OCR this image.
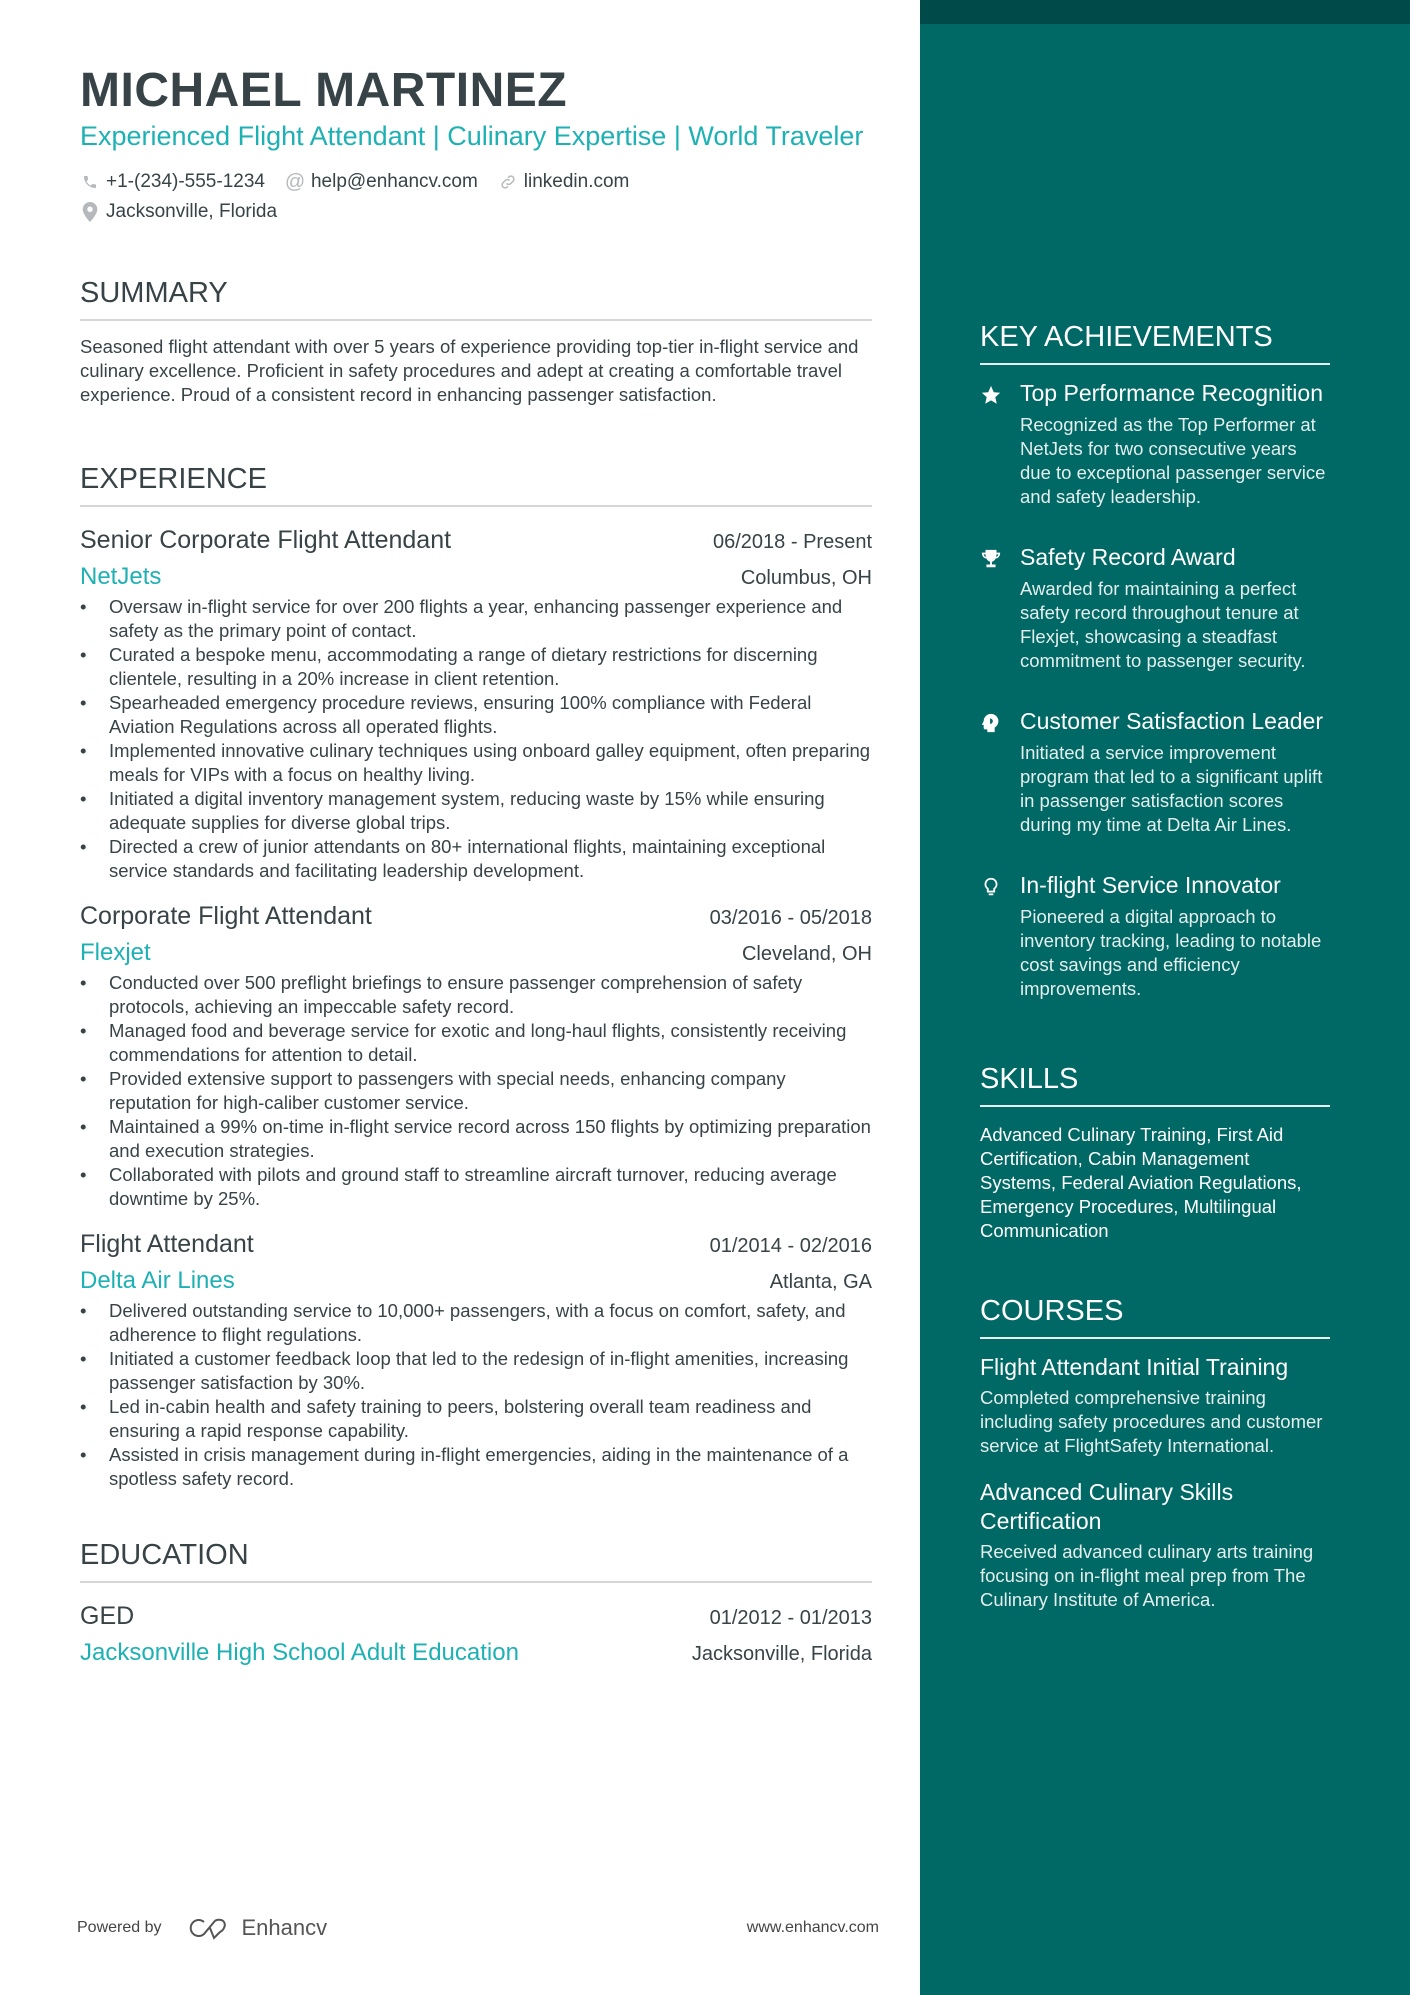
MICHAEL MARTINEZ
Experienced Flight Attendant | Culinary Expertise | World Traveler
+1-(234)-555-1234 @ help@enhancv.com linkedin.com
Jacksonville, Florida
SUMMARY
Seasoned flight attendant with over 5 years of experience providing top-tier in-flight service and culinary excellence. Proficient in safety procedures and adept at creating a comfortable travel experience. Proud of a consistent record in enhancing passenger satisfaction.
EXPERIENCE
Senior Corporate Flight Attendant	06/2018 - Present
NetJets	Columbus, OH
• Oversaw in-flight service for over 200 flights a year, enhancing passenger experience and safety as the primary point of contact.
• Curated a bespoke menu, accommodating a range of dietary restrictions for discerning clientele, resulting in a 20% increase in client retention.
• Spearheaded emergency procedure reviews, ensuring 100% compliance with Federal Aviation Regulations across all operated flights.
• Implemented innovative culinary techniques using onboard galley equipment, often preparing meals for VIPs with a focus on healthy living.
• Initiated a digital inventory management system, reducing waste by 15% while ensuring adequate supplies for diverse global trips.
• Directed a crew of junior attendants on 80+ international flights, maintaining exceptional service standards and facilitating leadership development.
Corporate Flight Attendant	03/2016 - 05/2018
Flexjet	Cleveland, OH
• Conducted over 500 preflight briefings to ensure passenger comprehension of safety protocols, achieving an impeccable safety record.
• Managed food and beverage service for exotic and long-haul flights, consistently receiving commendations for attention to detail.
• Provided extensive support to passengers with special needs, enhancing company reputation for high-caliber customer service.
• Maintained a 99% on-time in-flight service record across 150 flights by optimizing preparation and execution strategies.
• Collaborated with pilots and ground staff to streamline aircraft turnover, reducing average downtime by 25%.
Flight Attendant	01/2014 - 02/2016
Delta Air Lines	Atlanta, GA
• Delivered outstanding service to 10,000+ passengers, with a focus on comfort, safety, and adherence to flight regulations.
• Initiated a customer feedback loop that led to the redesign of in-flight amenities, increasing passenger satisfaction by 30%.
• Led in-cabin health and safety training to peers, bolstering overall team readiness and ensuring a rapid response capability.
• Assisted in crisis management during in-flight emergencies, aiding in the maintenance of a spotless safety record.
EDUCATION
GED	01/2012 - 01/2013
Jacksonville High School Adult Education	Jacksonville, Florida
Powered by	Enhancv	www.enhancv.com
KEY ACHIEVEMENTS
Top Performance Recognition
Recognized as the Top Performer at NetJets for two consecutive years due to exceptional passenger service and safety leadership.
Safety Record Award
Awarded for maintaining a perfect safety record throughout tenure at Flexjet, showcasing a steadfast commitment to passenger security.
Customer Satisfaction Leader
Initiated a service improvement program that led to a significant uplift in passenger satisfaction scores during my time at Delta Air Lines.
In-flight Service Innovator
Pioneered a digital approach to inventory tracking, leading to notable cost savings and efficiency improvements.
SKILLS
Advanced Culinary Training, First Aid Certification, Cabin Management Systems, Federal Aviation Regulations, Emergency Procedures, Multilingual Communication
COURSES
Flight Attendant Initial Training
Completed comprehensive training including safety procedures and customer service at FlightSafety International.
Advanced Culinary Skills Certification
Received advanced culinary arts training focusing on in-flight meal prep from The Culinary Institute of America.
